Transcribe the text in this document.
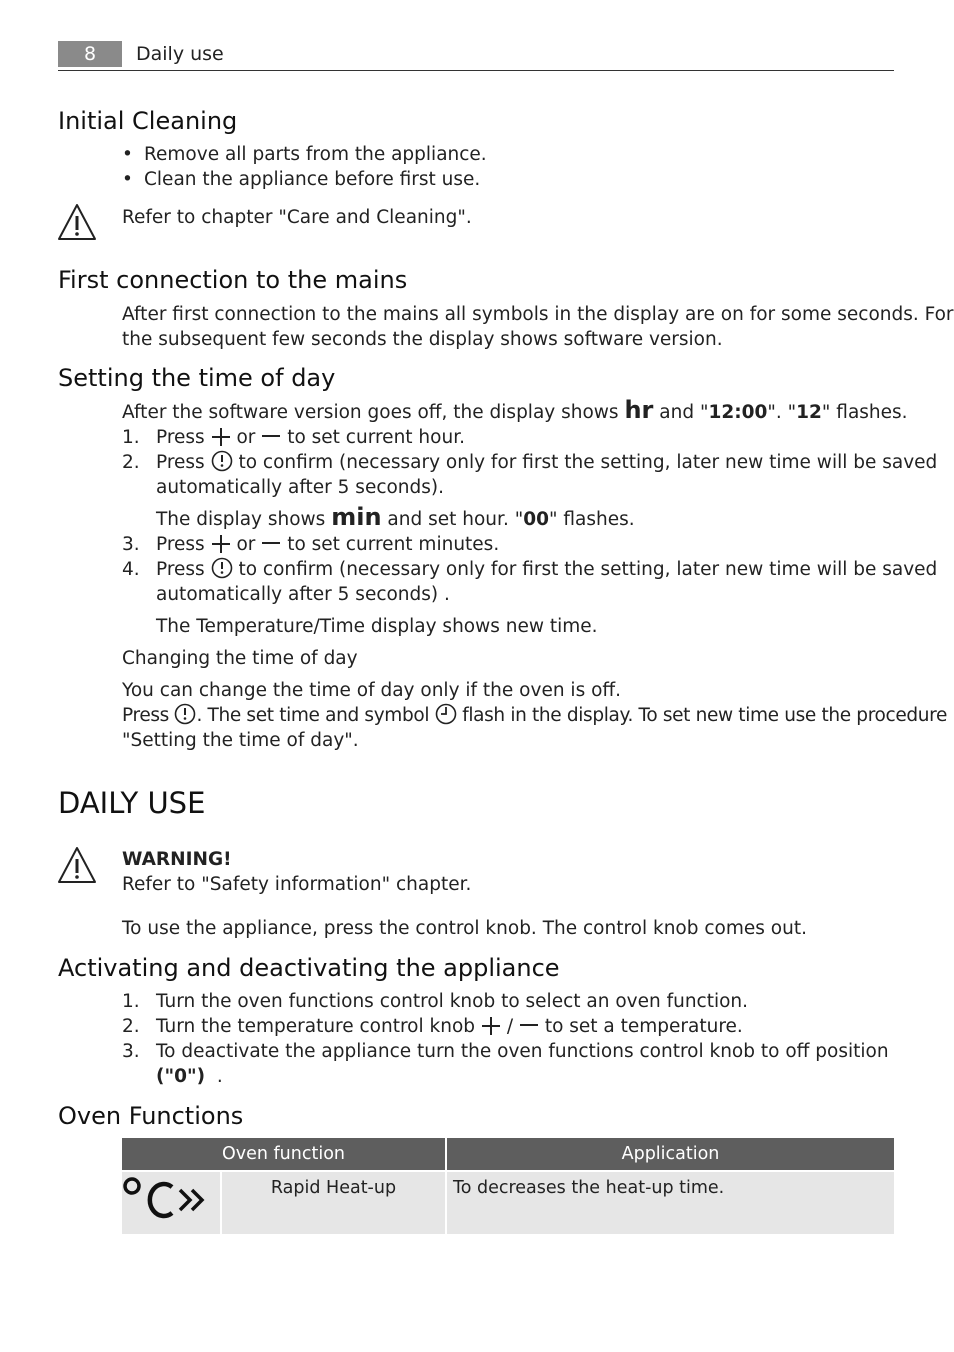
8	Daily use
Initial Cleaning
• Remove all parts from the appliance.
• Clean the appliance before first use.
Refer to chapter "Care and Cleaning".
First connection to the mains
After first connection to the mains all symbols in the display are on for some seconds. For
the subsequent few seconds the display shows software version.
Setting the time of day
After the software version goes off, the display shows hr and "12:00". "12" flashes.
1. Press or to set current hour.
2. Press to confirm (necessary only for first the setting, later new time will be saved
automatically after 5 seconds).
The display shows min and set hour. "00" flashes.
3. Press or to set current minutes.
4. Press to confirm (necessary only for first the setting, later new time will be saved
automatically after 5 seconds) .
The Temperature/Time display shows new time.
Changing the time of day
You can change the time of day only if the oven is off.
Press . The set time and symbol flash in the display. To set new time use the procedure
"Setting the time of day".
DAILY USE
WARNING!
Refer to "Safety information" chapter.
To use the appliance, press the control knob. The control knob comes out.
Activating and deactivating the appliance
1. Turn the oven functions control knob to select an oven function.
2. Turn the temperature control knob / to set a temperature.
3. To deactivate the appliance turn the oven functions control knob to off position
("0") .
Oven Functions
Oven function		Application
	Rapid Heat-up	To decreases the heat-up time.
